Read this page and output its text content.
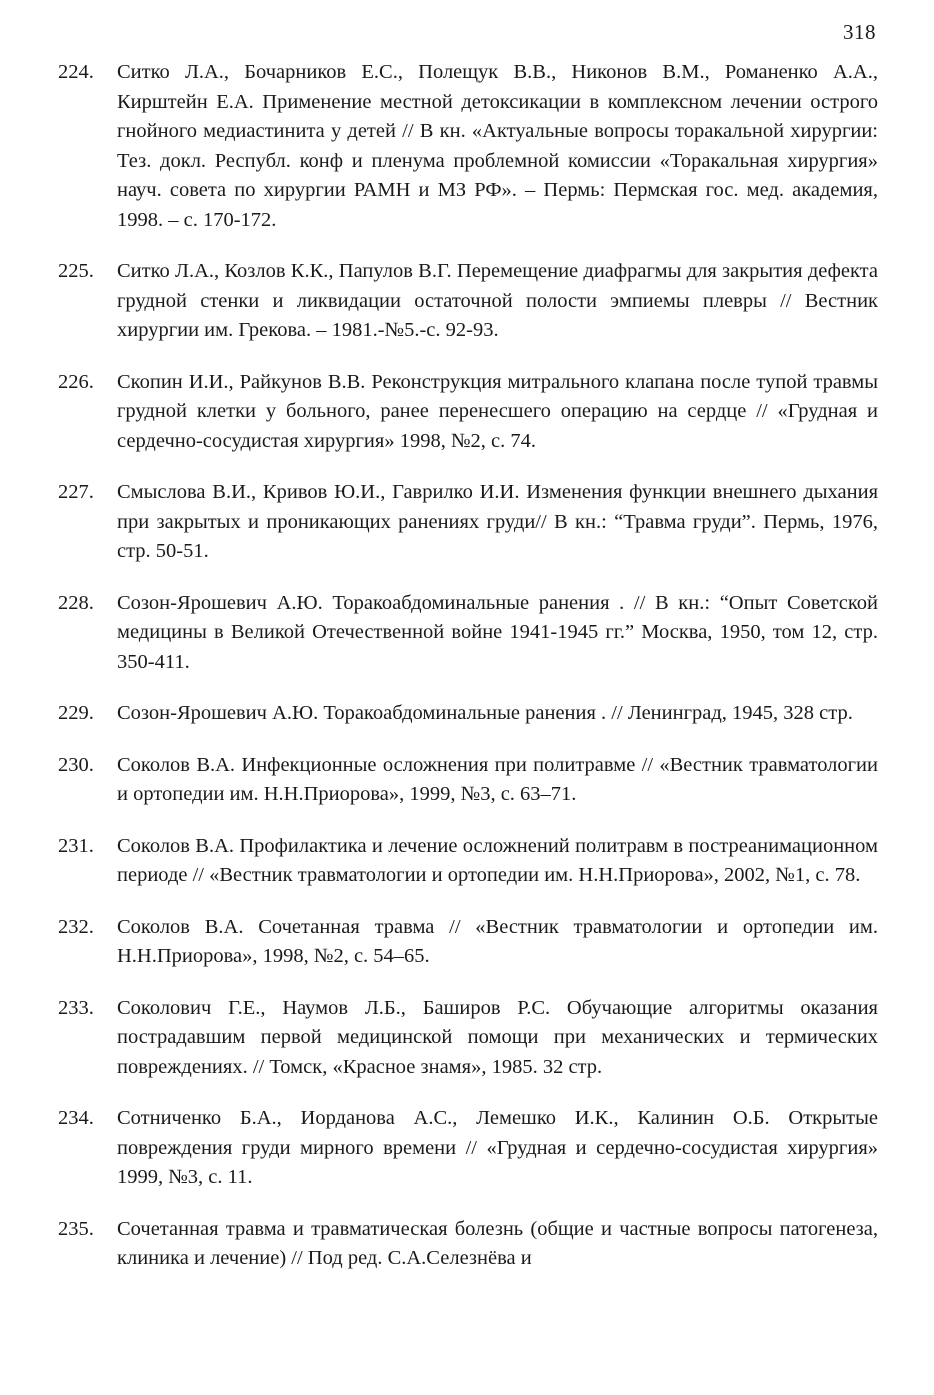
318
224.	Ситко Л.А., Бочарников Е.С., Полещук В.В., Никонов В.М., Романенко А.А., Кирштейн Е.А. Применение местной детоксикации в комплексном лечении острого гнойного медиастинита у детей // В кн. «Актуальные вопросы торакальной хирургии: Тез. докл. Республ. конф и пленума проблемной комиссии «Торакальная хирургия» науч. совета по хирургии РАМН и МЗ РФ». – Пермь: Пермская гос. мед. академия, 1998. – с. 170-172.
225.	Ситко Л.А., Козлов К.К., Папулов В.Г. Перемещение диафрагмы для закрытия дефекта грудной стенки и ликвидации остаточной полости эмпиемы плевры // Вестник хирургии им. Грекова. – 1981.-№5.-с. 92-93.
226.	Скопин И.И., Райкунов В.В. Реконструкция митрального клапана после тупой травмы грудной клетки у больного, ранее перенесшего операцию на сердце // «Грудная и сердечно-сосудистая хирургия» 1998, №2, с. 74.
227.	Смыслова В.И., Кривов Ю.И., Гаврилко И.И. Изменения функции внешнего дыхания при закрытых и проникающих ранениях груди// В кн.: “Травма груди”. Пермь, 1976, стр. 50-51.
228.	Созон-Ярошевич А.Ю. Торакоабдоминальные ранения . // В кн.: “Опыт Советской медицины в Великой Отечественной войне 1941-1945 гг.” Москва, 1950, том 12, стр. 350-411.
229.	Созон-Ярошевич А.Ю. Торакоабдоминальные ранения . // Ленинград, 1945, 328 стр.
230.	Соколов В.А. Инфекционные осложнения при политравме // «Вестник травматологии и ортопедии им. Н.Н.Приорова», 1999, №3, с. 63–71.
231.	Соколов В.А. Профилактика и лечение осложнений политравм в постреанимационном периоде // «Вестник травматологии и ортопедии им. Н.Н.Приорова», 2002, №1, с. 78.
232.	Соколов В.А. Сочетанная травма // «Вестник травматологии и ортопедии им. Н.Н.Приорова», 1998, №2, с. 54–65.
233.	Соколович Г.Е., Наумов Л.Б., Баширов Р.С. Обучающие алгоритмы оказания пострадавшим первой медицинской помощи при механических и термических повреждениях. // Томск, «Красное знамя», 1985. 32 стр.
234.	Сотниченко Б.А., Иорданова А.С., Лемешко И.К., Калинин О.Б. Открытые повреждения груди мирного времени // «Грудная и сердечно-сосудистая хирургия» 1999, №3, с. 11.
235.	Сочетанная травма и травматическая болезнь (общие и частные вопросы патогенеза, клиника и лечение) // Под ред. С.А.Селезнёва и
